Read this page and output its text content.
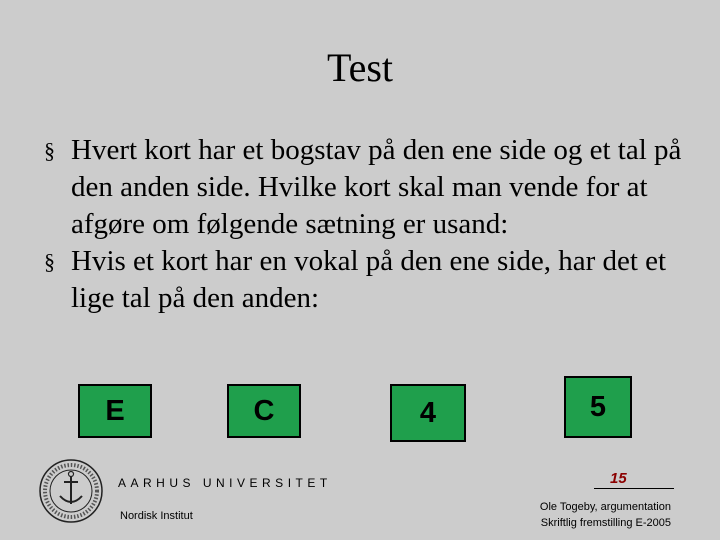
Test
§ Hvert kort har et bogstav på den ene side og et tal på den anden side. Hvilke kort skal man vende for at afgøre om følgende sætning er usand:
§ Hvis et kort har en vokal på den ene side, har det et lige tal på den anden:
E	C	4	5
AARHUS UNIVERSITET
Nordisk Institut
15
Ole Togeby, argumentation
Skriftlig fremstilling E-2005
